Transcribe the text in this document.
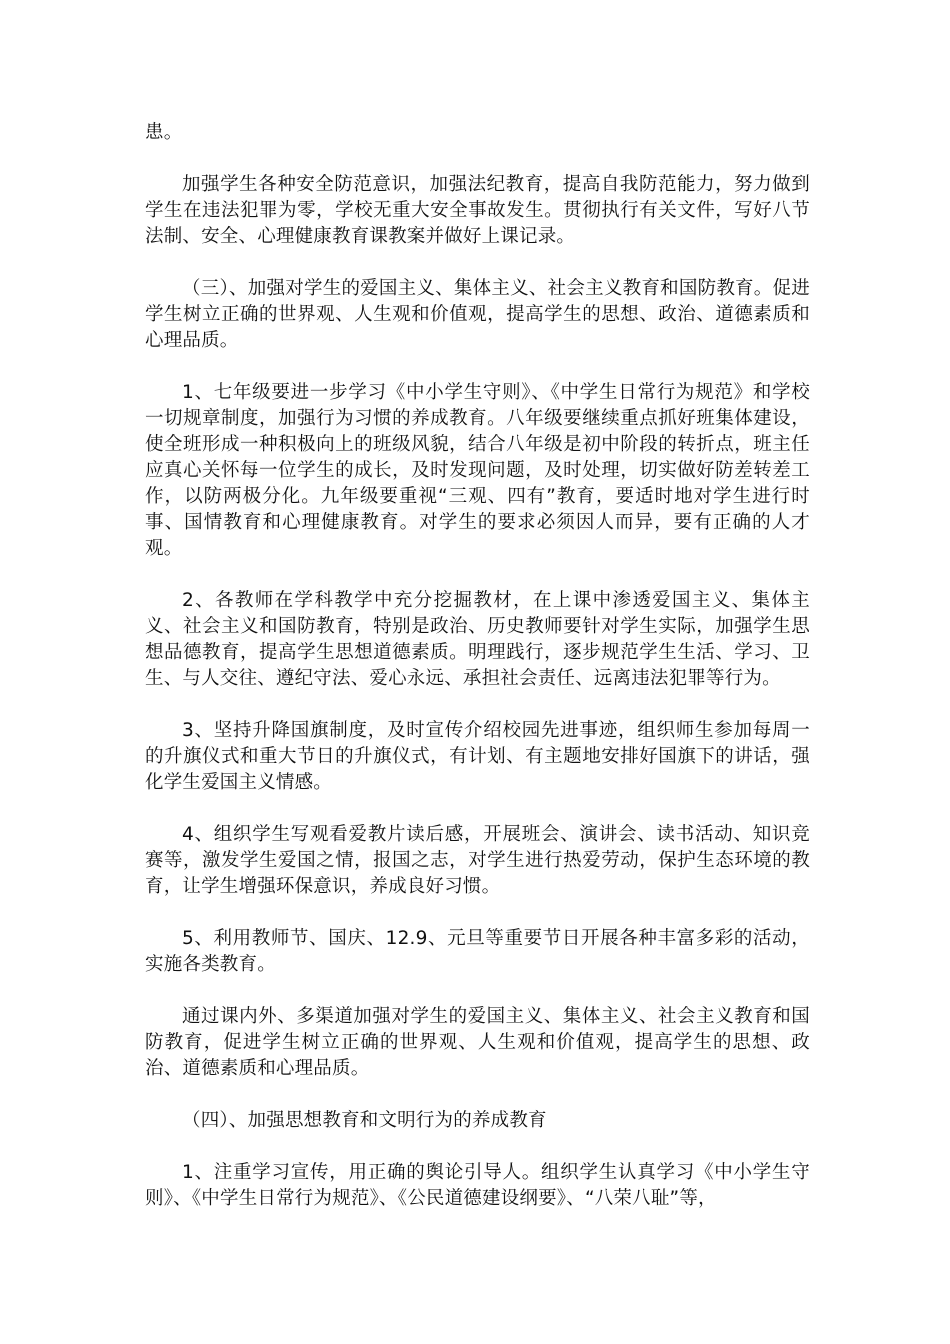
患。

加强学生各种安全防范意识，加强法纪教育，提高自我防范能力，努力做到学生在违法犯罪为零，学校无重大安全事故发生。贯彻执行有关文件，写好八节法制、安全、心理健康教育课教案并做好上课记录。

（三）、加强对学生的爱国主义、集体主义、社会主义教育和国防教育。促进学生树立正确的世界观、人生观和价值观，提高学生的思想、政治、道德素质和心理品质。

1、七年级要进一步学习《中小学生守则》、《中学生日常行为规范》和学校一切规章制度，加强行为习惯的养成教育。八年级要继续重点抓好班集体建设，使全班形成一种积极向上的班级风貌，结合八年级是初中阶段的转折点，班主任应真心关怀每一位学生的成长，及时发现问题，及时处理，切实做好防差转差工作，以防两极分化。九年级要重视“三观、四有”教育，要适时地对学生进行时事、国情教育和心理健康教育。对学生的要求必须因人而异，要有正确的人才观。

2、各教师在学科教学中充分挖掘教材，在上课中渗透爱国主义、集体主义、社会主义和国防教育，特别是政治、历史教师要针对学生实际，加强学生思想品德教育，提高学生思想道德素质。明理践行，逐步规范学生生活、学习、卫生、与人交往、遵纪守法、爱心永远、承担社会责任、远离违法犯罪等行为。

3、坚持升降国旗制度，及时宣传介绍校园先进事迹，组织师生参加每周一的升旗仪式和重大节日的升旗仪式，有计划、有主题地安排好国旗下的讲话，强化学生爱国主义情感。

4、组织学生写观看爱教片读后感，开展班会、演讲会、读书活动、知识竞赛等，激发学生爱国之情，报国之志，对学生进行热爱劳动，保护生态环境的教育，让学生增强环保意识，养成良好习惯。

5、利用教师节、国庆、12.9、元旦等重要节日开展各种丰富多彩的活动，实施各类教育。

通过课内外、多渠道加强对学生的爱国主义、集体主义、社会主义教育和国防教育，促进学生树立正确的世界观、人生观和价值观，提高学生的思想、政治、道德素质和心理品质。

（四）、加强思想教育和文明行为的养成教育

1、注重学习宣传，用正确的舆论引导人。组织学生认真学习《中小学生守则》、《中学生日常行为规范》、《公民道德建设纲要》、“八荣八耻”等，
